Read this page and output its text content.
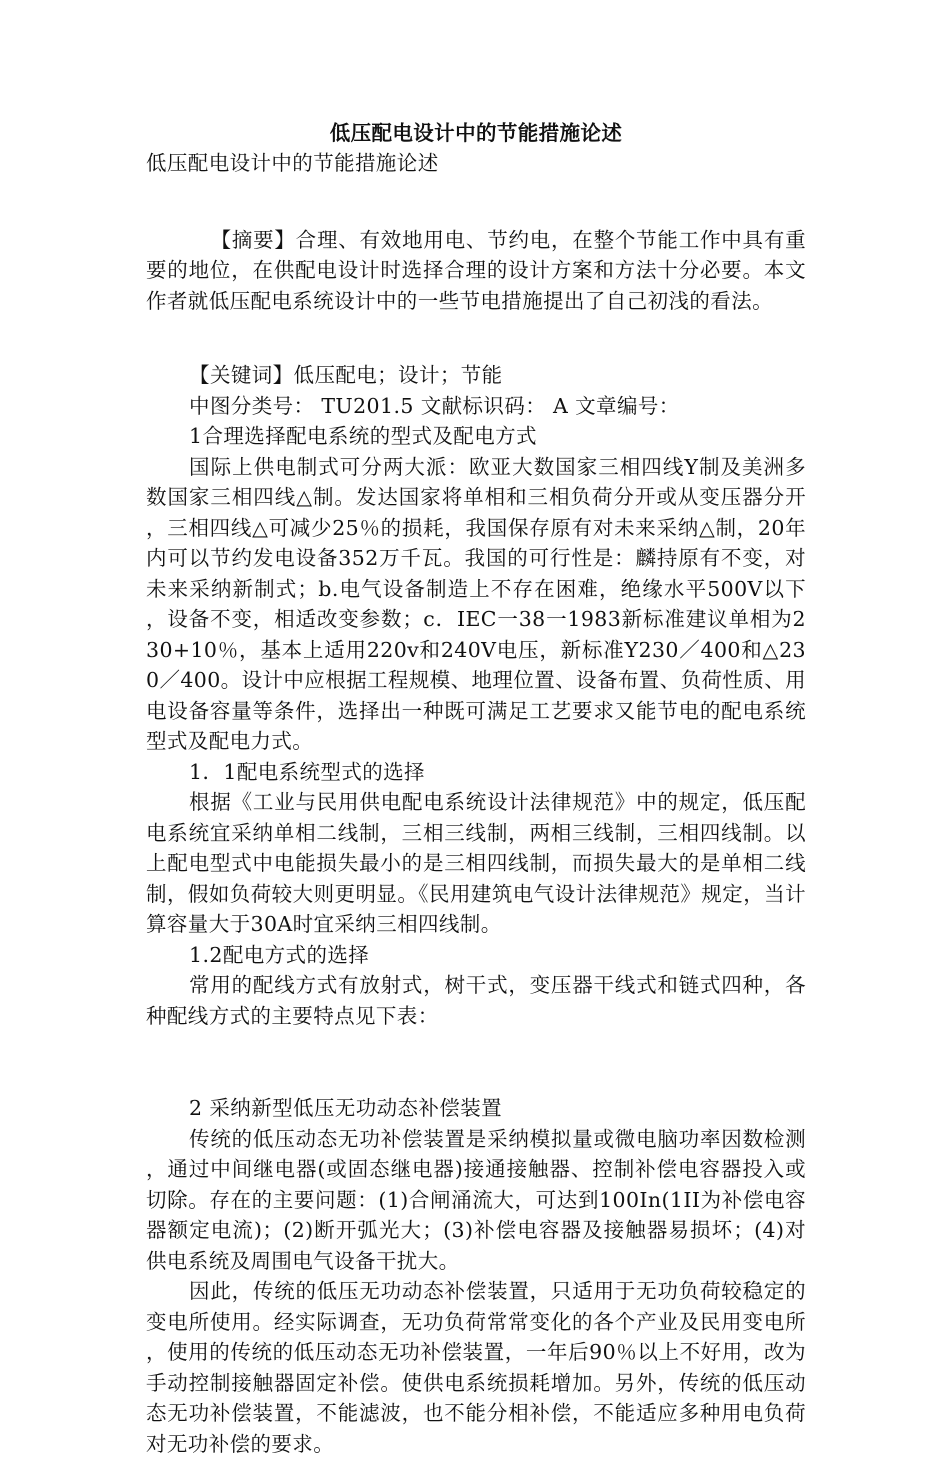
低压配电设计中的节能措施论述
低压配电设计中的节能措施论述

【摘要】合理、有效地用电、节约电，在整个节能工作中具有重要的地位，在供配电设计时选择合理的设计方案和方法十分必要。本文作者就低压配电系统设计中的一些节电措施提出了自己初浅的看法。

【关键词】低压配电；设计；节能

中图分类号： TU201.5 文献标识码： A 文章编号：

1合理选择配电系统的型式及配电方式

国际上供电制式可分两大派：欧亚大数国家三相四线Y制及美洲多数国家三相四线△制。发达国家将单相和三相负荷分开或从变压器分开，三相四线△可减少25％的损耗，我国保存原有对未来采纳△制，20年内可以节约发电设备352万千瓦。我国的可行性是：麟持原有不变，对未来采纳新制式；b.电气设备制造上不存在困难，绝缘水平500V以下，设备不变，相适改变参数；c．IEC一38一1983新标准建议单相为230+10％，基本上适用220v和240V电压，新标准Y230／400和△230／400。设计中应根据工程规模、地理位置、设备布置、负荷性质、用电设备容量等条件，选择出一种既可满足工艺要求又能节电的配电系统型式及配电力式。

1．1配电系统型式的选择

根据《工业与民用供电配电系统设计法律规范》中的规定，低压配电系统宜采纳单相二线制，三相三线制，两相三线制，三相四线制。以上配电型式中电能损失最小的是三相四线制，而损失最大的是单相二线制，假如负荷较大则更明显。《民用建筑电气设计法律规范》规定，当计算容量大于30A时宜采纳三相四线制。

1.2配电方式的选择

常用的配线方式有放射式，树干式，变压器干线式和链式四种，各种配线方式的主要特点见下表：

2 采纳新型低压无功动态补偿装置

传统的低压动态无功补偿装置是采纳模拟量或微电脑功率因数检测，通过中间继电器(或固态继电器)接通接触器、控制补偿电容器投入或切除。存在的主要问题：(1)合闸涌流大，可达到100In(1II为补偿电容器额定电流)；(2)断开弧光大；(3)补偿电容器及接触器易损坏；(4)对供电系统及周围电气设备干扰大。

因此，传统的低压无功动态补偿装置，只适用于无功负荷较稳定的变电所使用。经实际调查，无功负荷常常变化的各个产业及民用变电所，使用的传统的低压动态无功补偿装置，一年后90％以上不好用，改为手动控制接触器固定补偿。使供电系统损耗增加。另外，传统的低压动态无功补偿装置，不能滤波，也不能分相补偿，不能适应多种用电负荷对无功补偿的要求。
